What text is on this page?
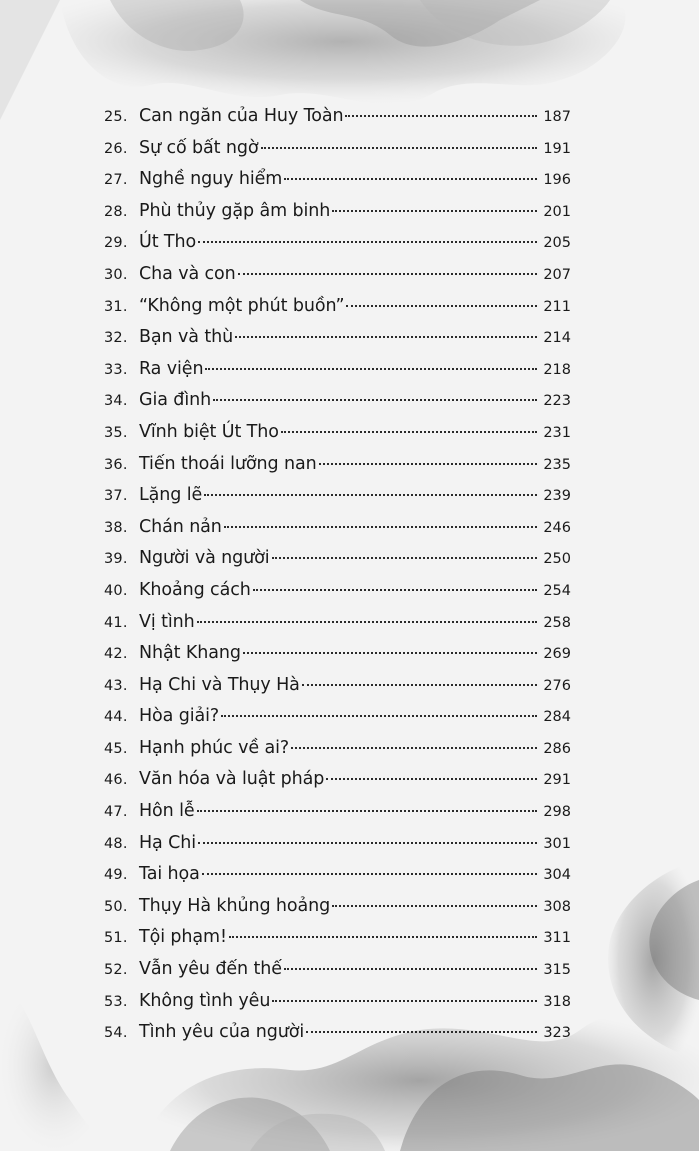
25. Can ngăn của Huy Toàn	187
26. Sự cố bất ngờ	191
27. Nghề nguy hiểm	196
28. Phù thủy gặp âm binh	201
29. Út Tho	205
30. Cha và con	207
31. “Không một phút buồn”	211
32. Bạn và thù	214
33. Ra viện	218
34. Gia đình	223
35. Vĩnh biệt Út Tho	231
36. Tiến thoái lưỡng nan	235
37. Lặng lẽ	239
38. Chán nản	246
39. Người và người	250
40. Khoảng cách	254
41. Vị tình	258
42. Nhật Khang	269
43. Hạ Chi và Thụy Hà	276
44. Hòa giải?	284
45. Hạnh phúc về ai?	286
46. Văn hóa và luật pháp	291
47. Hôn lễ	298
48. Hạ Chi	301
49. Tai họa	304
50. Thụy Hà khủng hoảng	308
51. Tội phạm!	311
52. Vẫn yêu đến thế	315
53. Không tình yêu	318
54. Tình yêu của người	323
